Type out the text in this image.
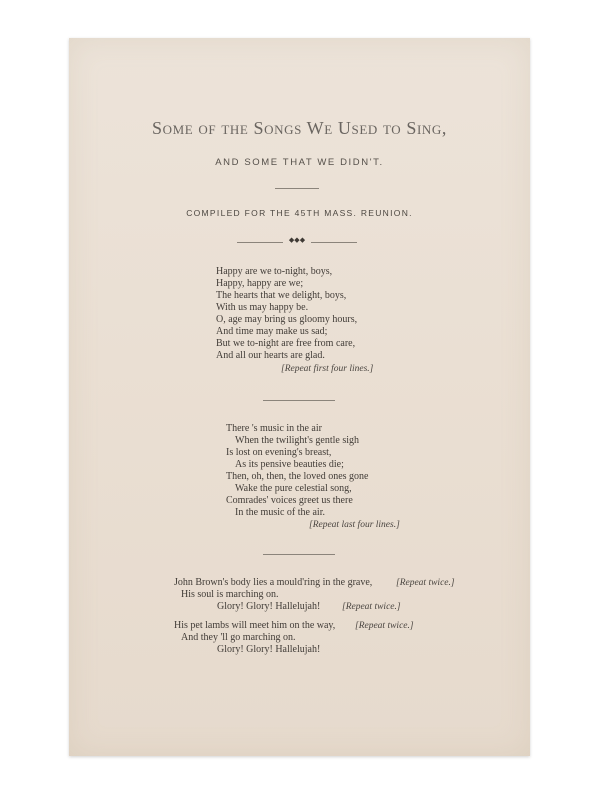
Some of the Songs We Used to Sing,
AND SOME THAT WE DIDN'T.
COMPILED FOR THE 45TH MASS. REUNION.
◆◆◆
Happy are we to-night, boys,
Happy, happy are we;
The hearts that we delight, boys,
With us may happy be.
O, age may bring us gloomy hours,
And time may make us sad;
But we to-night are free from care,
And all our hearts are glad.
[Repeat first four lines.]
There 's music in the air
When the twilight's gentle sigh
Is lost on evening's breast,
As its pensive beauties die;
Then, oh, then, the loved ones gone
Wake the pure celestial song,
Comrades' voices greet us there
In the music of the air.
[Repeat last four lines.]
John Brown's body lies a mould'ring in the grave, [Repeat twice.]
His soul is marching on.
Glory! Glory! Hallelujah! [Repeat twice.]
His pet lambs will meet him on the way, [Repeat twice.]
And they 'll go marching on.
Glory! Glory! Hallelujah!
